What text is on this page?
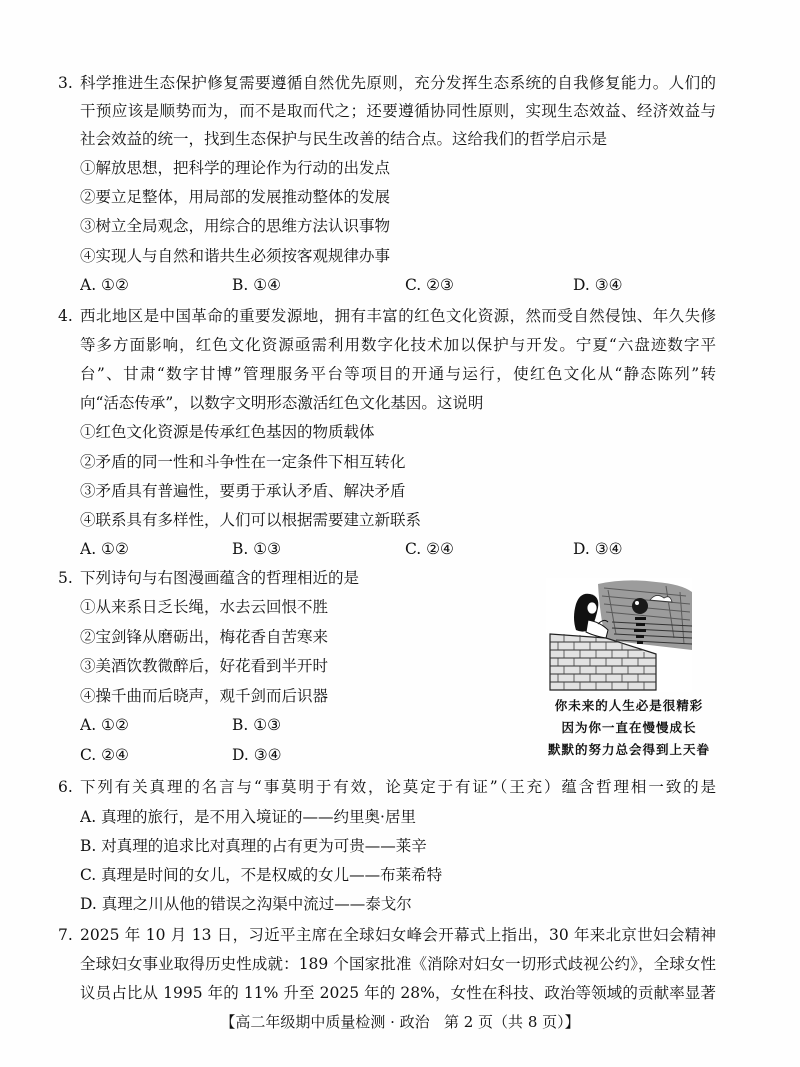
3. 科学推进生态保护修复需要遵循自然优先原则，充分发挥生态系统的自我修复能力。人们的
干预应该是顺势而为，而不是取而代之；还要遵循协同性原则，实现生态效益、经济效益与
社会效益的统一，找到生态保护与民生改善的结合点。这给我们的哲学启示是
①解放思想，把科学的理论作为行动的出发点
②要立足整体，用局部的发展推动整体的发展
③树立全局观念，用综合的思维方法认识事物
④实现人与自然和谐共生必须按客观规律办事
A. ①②	B. ①④	C. ②③	D. ③④
4. 西北地区是中国革命的重要发源地，拥有丰富的红色文化资源，然而受自然侵蚀、年久失修
等多方面影响，红色文化资源亟需利用数字化技术加以保护与开发。宁夏“六盘迹数字平
台”、甘肃“数字甘博”管理服务平台等项目的开通与运行，使红色文化从“静态陈列”转
向“活态传承”，以数字文明形态激活红色文化基因。这说明
①红色文化资源是传承红色基因的物质载体
②矛盾的同一性和斗争性在一定条件下相互转化
③矛盾具有普遍性，要勇于承认矛盾、解决矛盾
④联系具有多样性，人们可以根据需要建立新联系
A. ①②	B. ①③	C. ②④	D. ③④
5. 下列诗句与右图漫画蕴含的哲理相近的是
①从来系日乏长绳，水去云回恨不胜
②宝剑锋从磨砺出，梅花香自苦寒来
③美酒饮教微醉后，好花看到半开时
④操千曲而后晓声，观千剑而后识器
A. ①②	B. ①③
C. ②④	D. ③④
你未来的人生必是很精彩
因为你一直在慢慢成长
默默的努力总会得到上天眷
6. 下列有关真理的名言与“事莫明于有效，论莫定于有证”（王充）蕴含哲理相一致的是
A. 真理的旅行，是不用入境证的——约里奥·居里
B. 对真理的追求比对真理的占有更为可贵——莱辛
C. 真理是时间的女儿，不是权威的女儿——布莱希特
D. 真理之川从他的错误之沟渠中流过——泰戈尔
7. 2025 年 10 月 13 日，习近平主席在全球妇女峰会开幕式上指出，30 年来北京世妇会精神
全球妇女事业取得历史性成就：189 个国家批准《消除对妇女一切形式歧视公约》，全球女性
议员占比从 1995 年的 11% 升至 2025 年的 28%，女性在科技、政治等领域的贡献率显著
【高二年级期中质量检测 · 政治   第 2 页（共 8 页）】
